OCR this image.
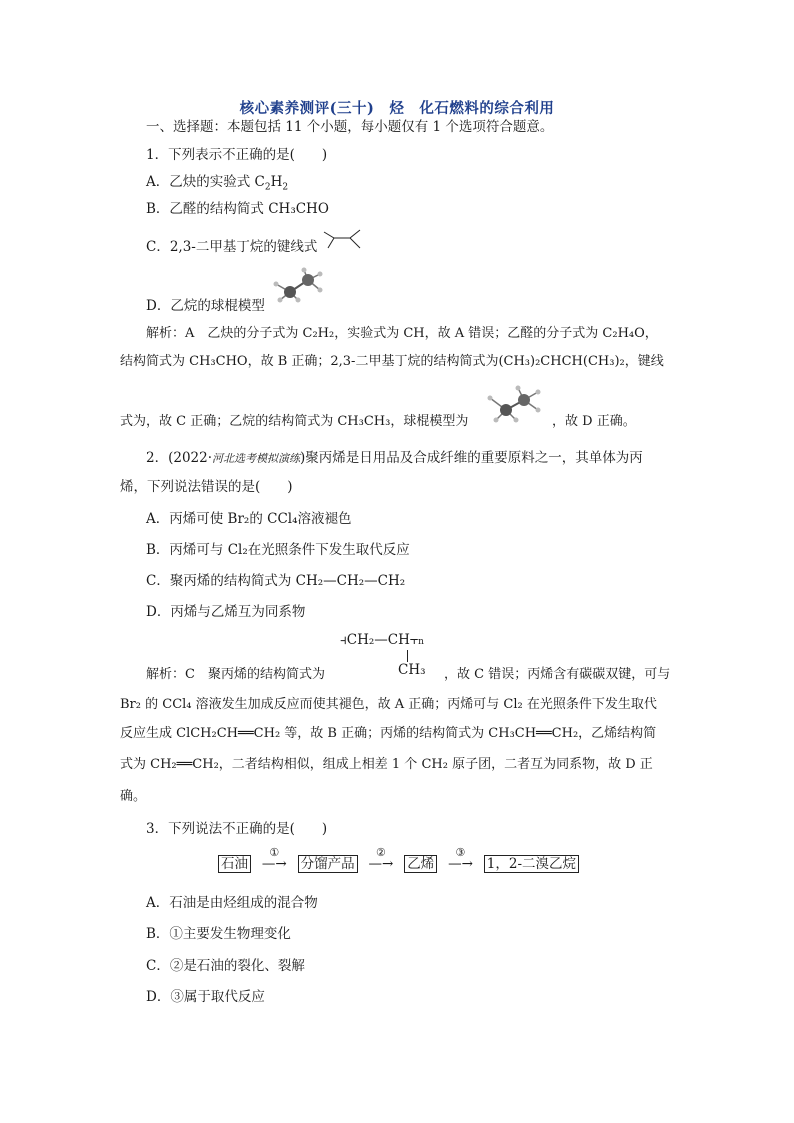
核心素养测评(三十)　烃　化石燃料的综合利用
一、选择题：本题包括 11 个小题，每小题仅有 1 个选项符合题意。
1．下列表示不正确的是(　　)
A．乙炔的实验式 $C_2H_2$
B．乙醛的结构简式 CH₃CHO
C．2,3-二甲基丁烷的键线式
D．乙烷的球棍模型
解析：A　乙炔的分子式为 C₂H₂，实验式为 CH，故 A 错误；乙醛的分子式为 C₂H₄O，
结构简式为 CH₃CHO，故 B 正确；2,3-二甲基丁烷的结构简式为(CH₃)₂CHCH(CH₃)₂，键线
式为，故 C 正确；乙烷的结构简式为 CH₃CH₃，球棍模型为	，故 D 正确。
2．(2022·河北选考模拟演练)聚丙烯是日用品及合成纤维的重要原料之一，其单体为丙
烯，下列说法错误的是(　　)
A．丙烯可使 Br₂的 CCl₄溶液褪色
B．丙烯可与 Cl₂在光照条件下发生取代反应
C．聚丙烯的结构简式为 CH₂—CH₂—CH₂
D．丙烯与乙烯互为同系物
⫞CH₂—CH⫟n
CH₃
解析：C　聚丙烯的结构简式为	，故 C 错误；丙烯含有碳碳双键，可与
Br₂ 的 CCl₄ 溶液发生加成反应而使其褪色，故 A 正确；丙烯可与 Cl₂ 在光照条件下发生取代
反应生成 ClCH₂CH══CH₂ 等，故 B 正确；丙烯的结构简式为 CH₃CH══CH₂，乙烯结构简
式为 CH₂══CH₂，二者结构相似，组成上相差 1 个 CH₂ 原子团，二者互为同系物，故 D 正
确。
3．下列说法不正确的是(　　)
石油 —→
①
分馏产品 —→
②
乙烯 —→
③
1，2-二溴乙烷
A．石油是由烃组成的混合物
B．①主要发生物理变化
C．②是石油的裂化、裂解
D．③属于取代反应
